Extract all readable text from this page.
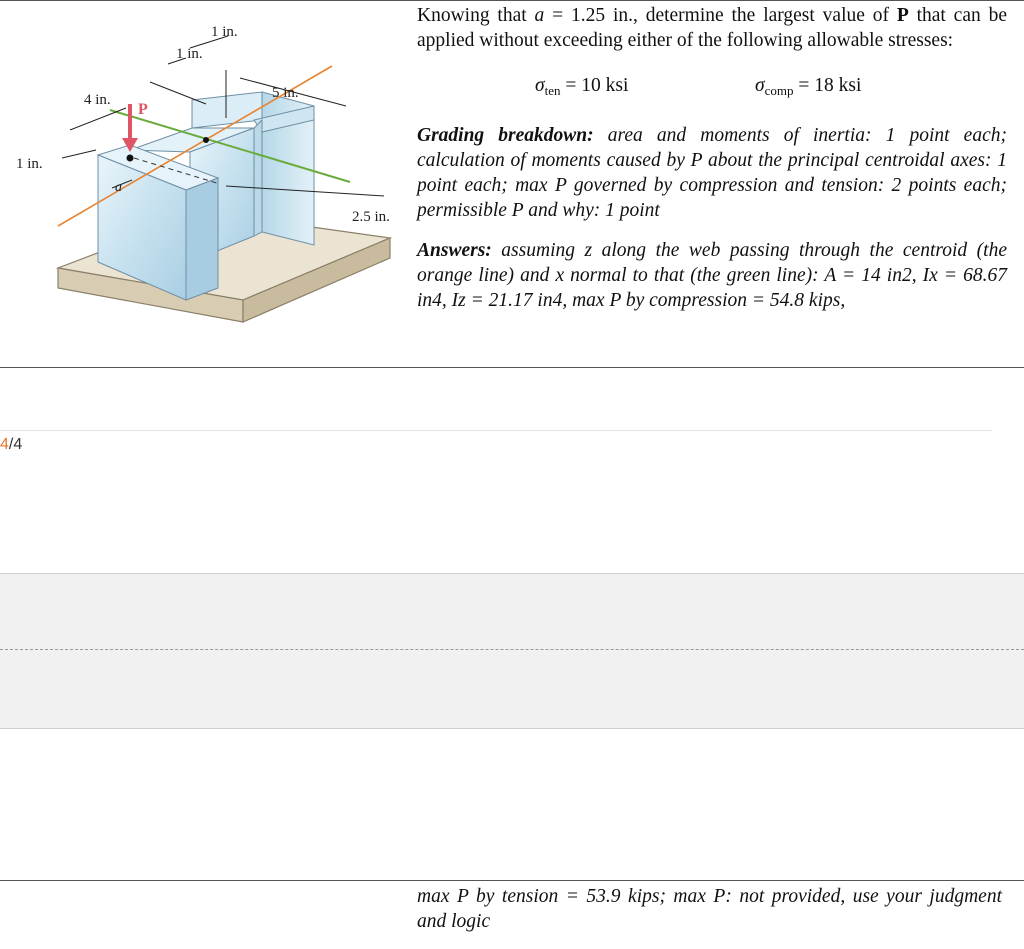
1 in.
1 in.
5 in.
4 in.
P
1 in.
a
2.5 in.
Knowing that a = 1.25 in., determine the largest value of P that can be applied without exceeding either of the following allowable stresses:
$\sigma_{ten} = 10$ ksi	$\sigma_{comp} = 18$ ksi
Grading breakdown: area and moments of inertia: 1 point each; calculation of moments caused by P about the principal centroidal axes: 1 point each; max P governed by compression and tension: 2 points each; permissible P and why: 1 point
Answers: assuming z along the web passing through the centroid (the orange line) and x normal to that (the green line): A = 14 in2, Ix = 68.67 in4, Iz = 21.17 in4, max P by compression = 54.8 kips,
4/4
max P by tension = 53.9 kips; max P: not provided, use your judgment and logic
